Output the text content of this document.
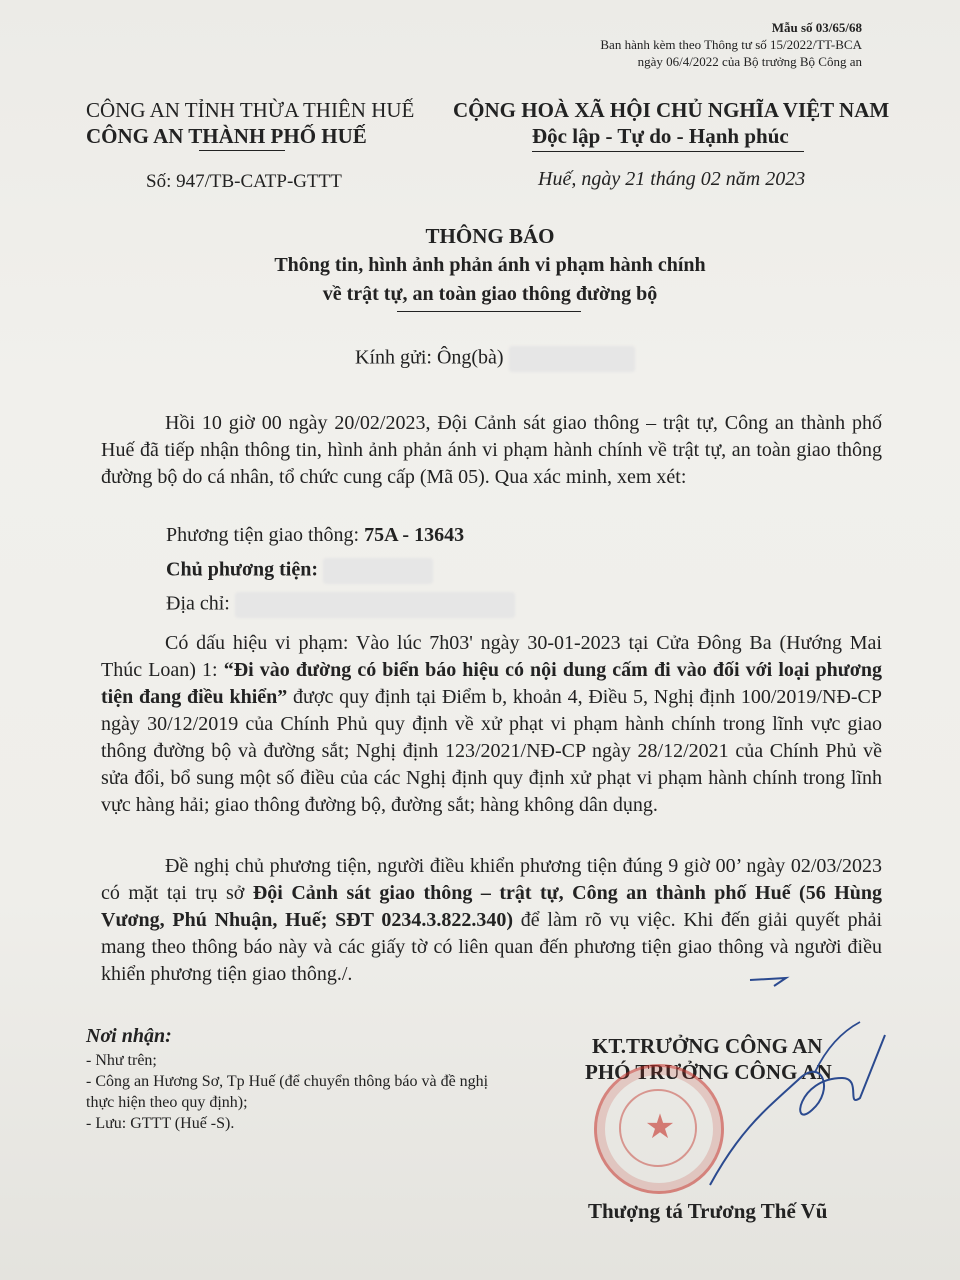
Mẫu số 03/65/68
Ban hành kèm theo Thông tư số 15/2022/TT-BCA
ngày 06/4/2022 của Bộ trưởng Bộ Công an
CÔNG AN TỈNH THỪA THIÊN HUẾ
CÔNG AN THÀNH PHỐ HUẾ
Số: 947/TB-CATP-GTTT
CỘNG HOÀ XÃ HỘI CHỦ NGHĨA VIỆT NAM
Độc lập - Tự do - Hạnh phúc
Huế, ngày 21 tháng 02 năm 2023
THÔNG BÁO
Thông tin, hình ảnh phản ánh vi phạm hành chính
về trật tự, an toàn giao thông đường bộ
Kính gửi: Ông(bà)

Hồi 10 giờ 00 ngày 20/02/2023, Đội Cảnh sát giao thông – trật tự, Công an thành phố Huế đã tiếp nhận thông tin, hình ảnh phản ánh vi phạm hành chính về trật tự, an toàn giao thông đường bộ do cá nhân, tổ chức cung cấp (Mã 05). Qua xác minh, xem xét:

Phương tiện giao thông: 75A - 13643
Chủ phương tiện:
Địa chỉ:

Có dấu hiệu vi phạm: Vào lúc 7h03' ngày 30-01-2023 tại Cửa Đông Ba (Hướng Mai Thúc Loan) 1: “Đi vào đường có biển báo hiệu có nội dung cấm đi vào đối với loại phương tiện đang điều khiển” được quy định tại Điểm b, khoản 4, Điều 5, Nghị định 100/2019/NĐ-CP ngày 30/12/2019 của Chính Phủ quy định về xử phạt vi phạm hành chính trong lĩnh vực giao thông đường bộ và đường sắt; Nghị định 123/2021/NĐ-CP ngày 28/12/2021 của Chính Phủ về sửa đổi, bổ sung một số điều của các Nghị định quy định xử phạt vi phạm hành chính trong lĩnh vực hàng hải; giao thông đường bộ, đường sắt; hàng không dân dụng.

Đề nghị chủ phương tiện, người điều khiển phương tiện đúng 9 giờ 00’ ngày 02/03/2023 có mặt tại trụ sở Đội Cảnh sát giao thông – trật tự, Công an thành phố Huế (56 Hùng Vương, Phú Nhuận, Huế; SĐT 0234.3.822.340) để làm rõ vụ việc. Khi đến giải quyết phải mang theo thông báo này và các giấy tờ có liên quan đến phương tiện giao thông và người điều khiển phương tiện giao thông./.

Nơi nhận:
- Như trên;
- Công an Hương Sơ, Tp Huế (để chuyển thông báo và đề nghị thực hiện theo quy định);
- Lưu: GTTT (Huế -S).
KT.TRƯỞNG CÔNG AN
PHÓ TRƯỞNG CÔNG AN
★
Thượng tá Trương Thế Vũ
